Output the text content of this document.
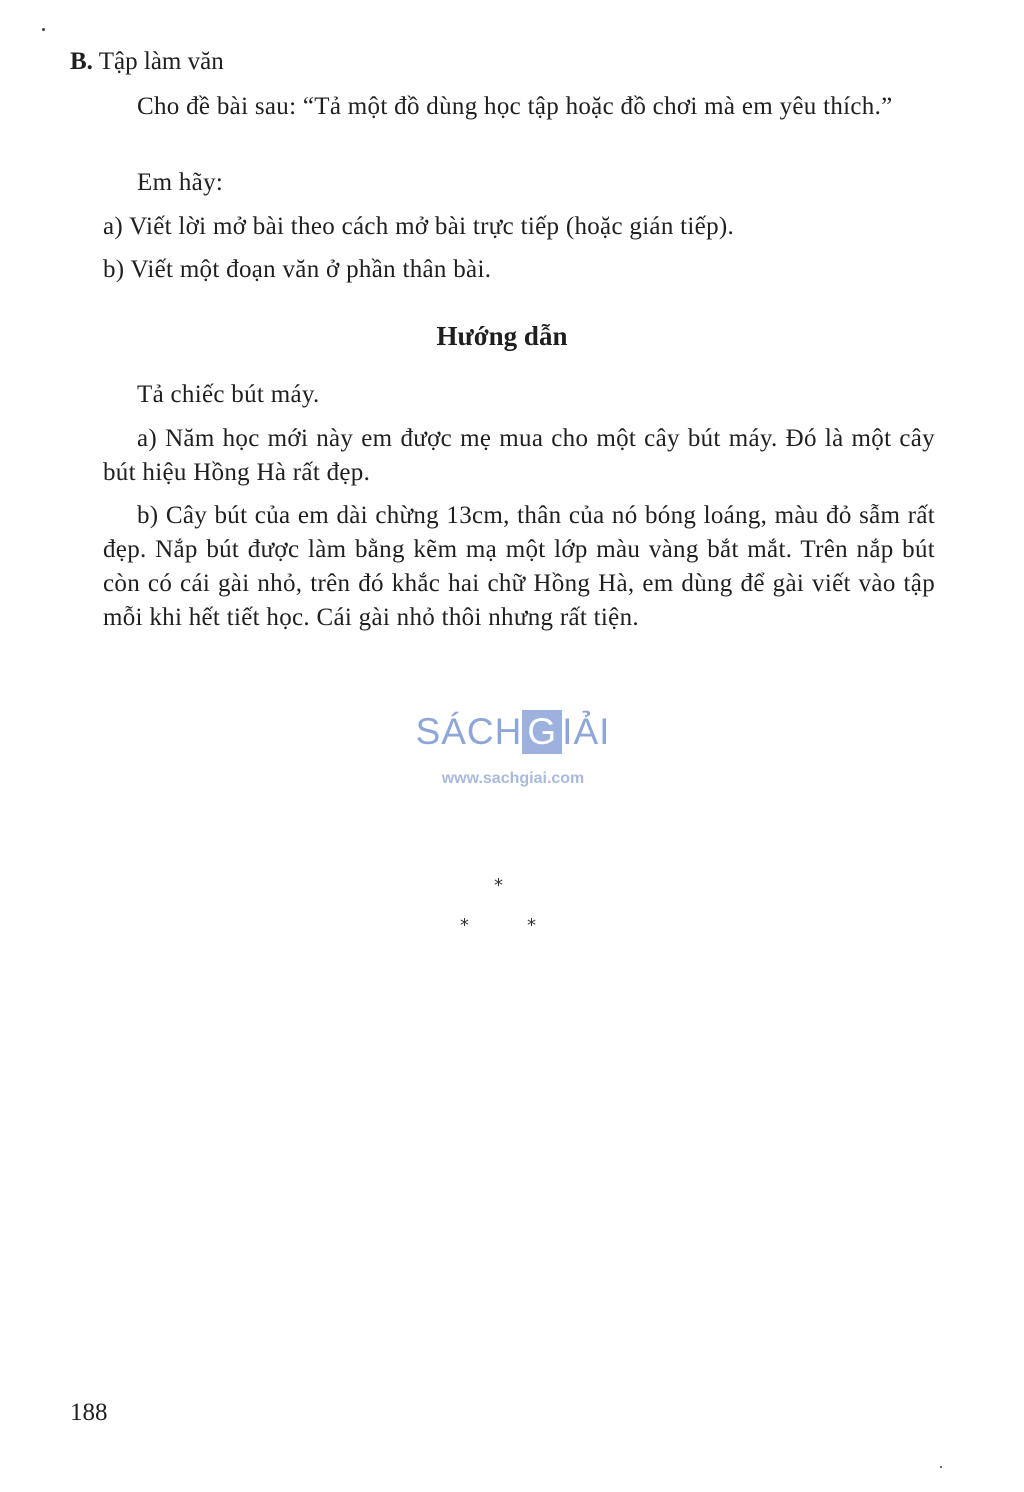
B. Tập làm văn

Cho đề bài sau: “Tả một đồ dùng học tập hoặc đồ chơi mà em yêu thích.”

Em hãy:

a) Viết lời mở bài theo cách mở bài trực tiếp (hoặc gián tiếp).

b) Viết một đoạn văn ở phần thân bài.

Hướng dẫn

Tả chiếc bút máy.

a) Năm học mới này em được mẹ mua cho một cây bút máy. Đó là một cây bút hiệu Hồng Hà rất đẹp.

b) Cây bút của em dài chừng 13cm, thân của nó bóng loáng, màu đỏ sẫm rất đẹp. Nắp bút được làm bằng kẽm mạ một lớp màu vàng bắt mắt. Trên nắp bút còn có cái gài nhỏ, trên đó khắc hai chữ Hồng Hà, em dùng để gài viết vào tập mỗi khi hết tiết học. Cái gài nhỏ thôi nhưng rất tiện.

SÁCH G IẢI
www.sachgiai.com
*
*	*
188
